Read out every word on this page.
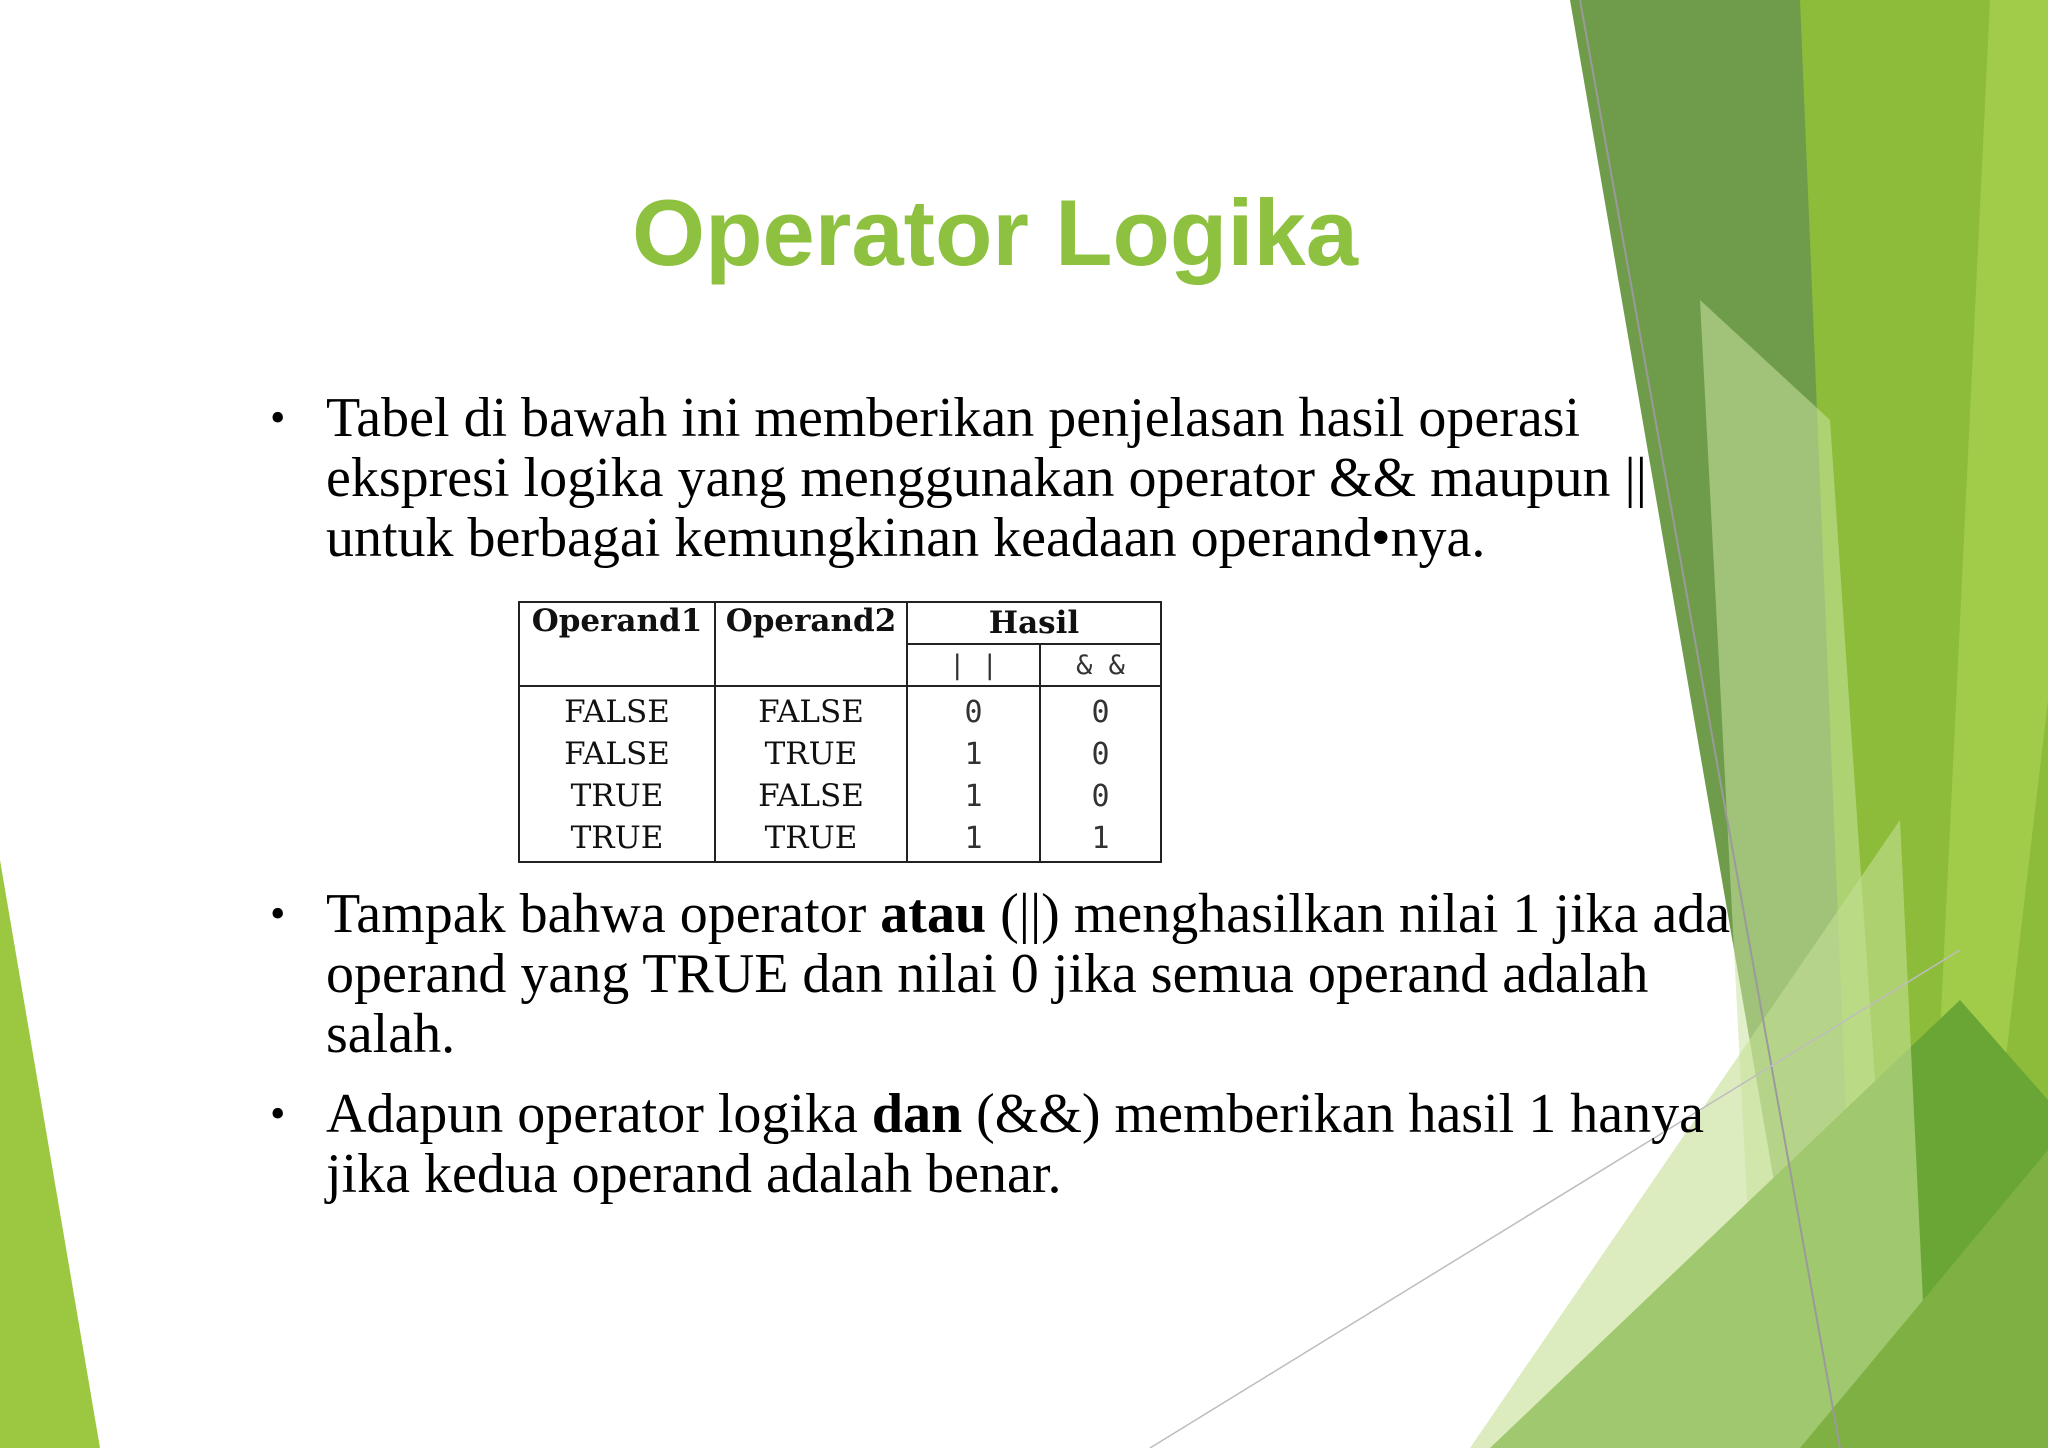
Operator Logika
• Tabel di bawah ini memberikan penjelasan hasil operasi ekspresi logika yang menggunakan operator && maupun || untuk berbagai kemungkinan keadaan operand•nya.
Operand1	Operand2	Hasil	
		| |	& &
FALSE	FALSE	0	0
FALSE	TRUE	1	0
TRUE	FALSE	1	0
TRUE	TRUE	1	1
• Tampak bahwa operator atau (||) menghasilkan nilai 1 jika ada operand yang TRUE dan nilai 0 jika semua operand adalah salah.
• Adapun operator logika dan (&&) memberikan hasil 1 hanya jika kedua operand adalah benar.
